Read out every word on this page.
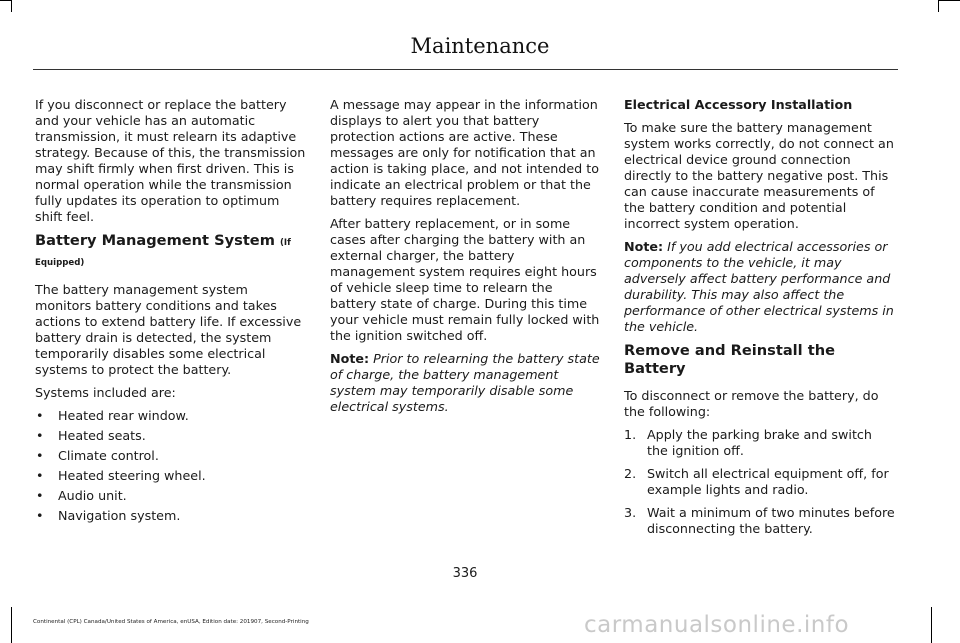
Maintenance

If you disconnect or replace the battery and your vehicle has an automatic transmission, it must relearn its adaptive strategy. Because of this, the transmission may shift firmly when first driven. This is normal operation while the transmission fully updates its operation to optimum shift feel.

Battery Management System (If Equipped)

The battery management system monitors battery conditions and takes actions to extend battery life. If excessive battery drain is detected, the system temporarily disables some electrical systems to protect the battery.

Systems included are:

• Heated rear window.
• Heated seats.
• Climate control.
• Heated steering wheel.
• Audio unit.
• Navigation system.

A message may appear in the information displays to alert you that battery protection actions are active. These messages are only for notification that an action is taking place, and not intended to indicate an electrical problem or that the battery requires replacement.

After battery replacement, or in some cases after charging the battery with an external charger, the battery management system requires eight hours of vehicle sleep time to relearn the battery state of charge. During this time your vehicle must remain fully locked with the ignition switched off.

Note: Prior to relearning the battery state of charge, the battery management system may temporarily disable some electrical systems.

Electrical Accessory Installation

To make sure the battery management system works correctly, do not connect an electrical device ground connection directly to the battery negative post. This can cause inaccurate measurements of the battery condition and potential incorrect system operation.

Note: If you add electrical accessories or components to the vehicle, it may adversely affect battery performance and durability. This may also affect the performance of other electrical systems in the vehicle.

Remove and Reinstall the Battery

To disconnect or remove the battery, do the following:

1. Apply the parking brake and switch the ignition off.
2. Switch all electrical equipment off, for example lights and radio.
3. Wait a minimum of two minutes before disconnecting the battery.
336
Continental (CPL) Canada/United States of America, enUSA, Edition date: 201907, Second-Printing	carmanualsonline.info
